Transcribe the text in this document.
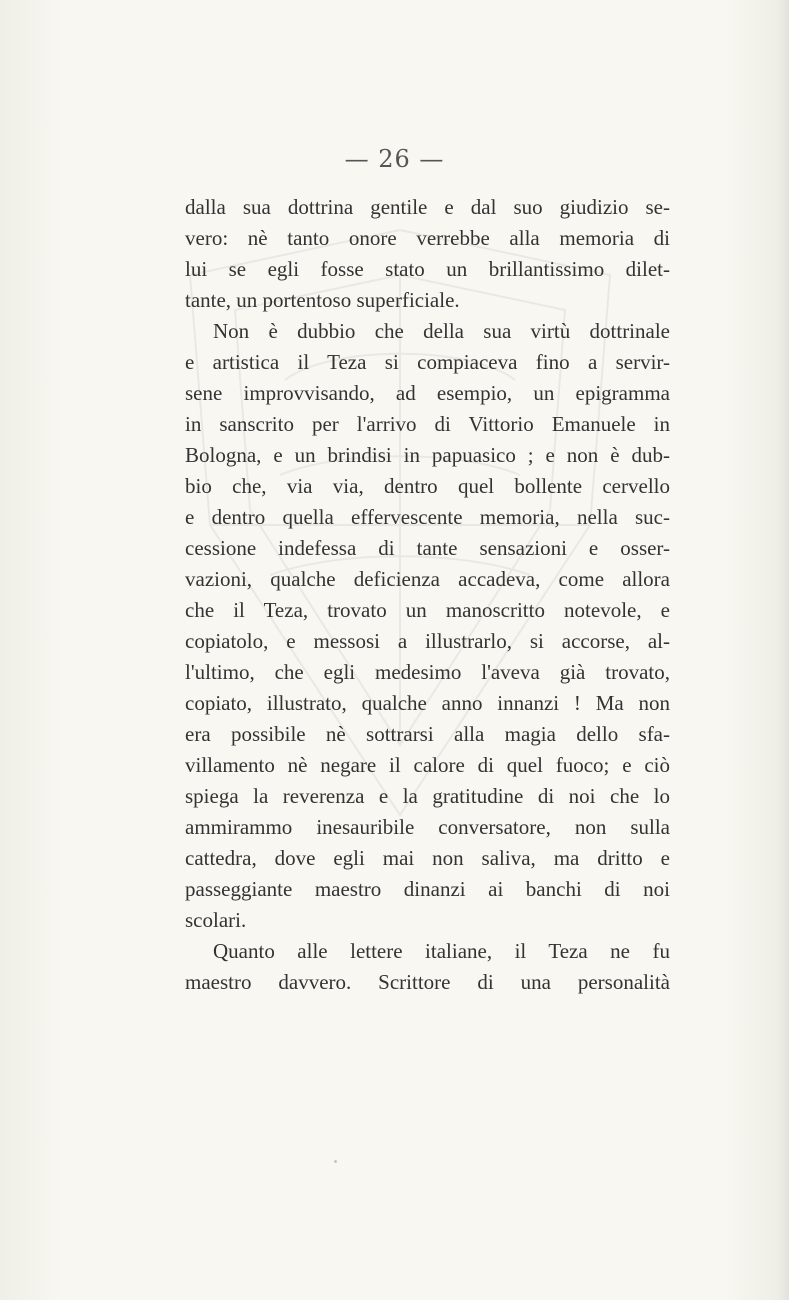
— 26 —
dalla sua dottrina gentile e dal suo giudizio se-
vero: nè tanto onore verrebbe alla memoria di
lui se egli fosse stato un brillantissimo dilet-
tante, un portentoso superficiale.
Non è dubbio che della sua virtù dottrinale
e artistica il Teza si compiaceva fino a servir-
sene improvvisando, ad esempio, un epigramma
in sanscrito per l'arrivo di Vittorio Emanuele in
Bologna, e un brindisi in papuasico ; e non è dub-
bio che, via via, dentro quel bollente cervello
e dentro quella effervescente memoria, nella suc-
cessione indefessa di tante sensazioni e osser-
vazioni, qualche deficienza accadeva, come allora
che il Teza, trovato un manoscritto notevole, e
copiatolo, e messosi a illustrarlo, si accorse, al-
l'ultimo, che egli medesimo l'aveva già trovato,
copiato, illustrato, qualche anno innanzi ! Ma non
era possibile nè sottrarsi alla magia dello sfa-
villamento nè negare il calore di quel fuoco; e ciò
spiega la reverenza e la gratitudine di noi che lo
ammirammo inesauribile conversatore, non sulla
cattedra, dove egli mai non saliva, ma dritto e
passeggiante maestro dinanzi ai banchi di noi
scolari.
Quanto alle lettere italiane, il Teza ne fu
maestro davvero. Scrittore di una personalità
